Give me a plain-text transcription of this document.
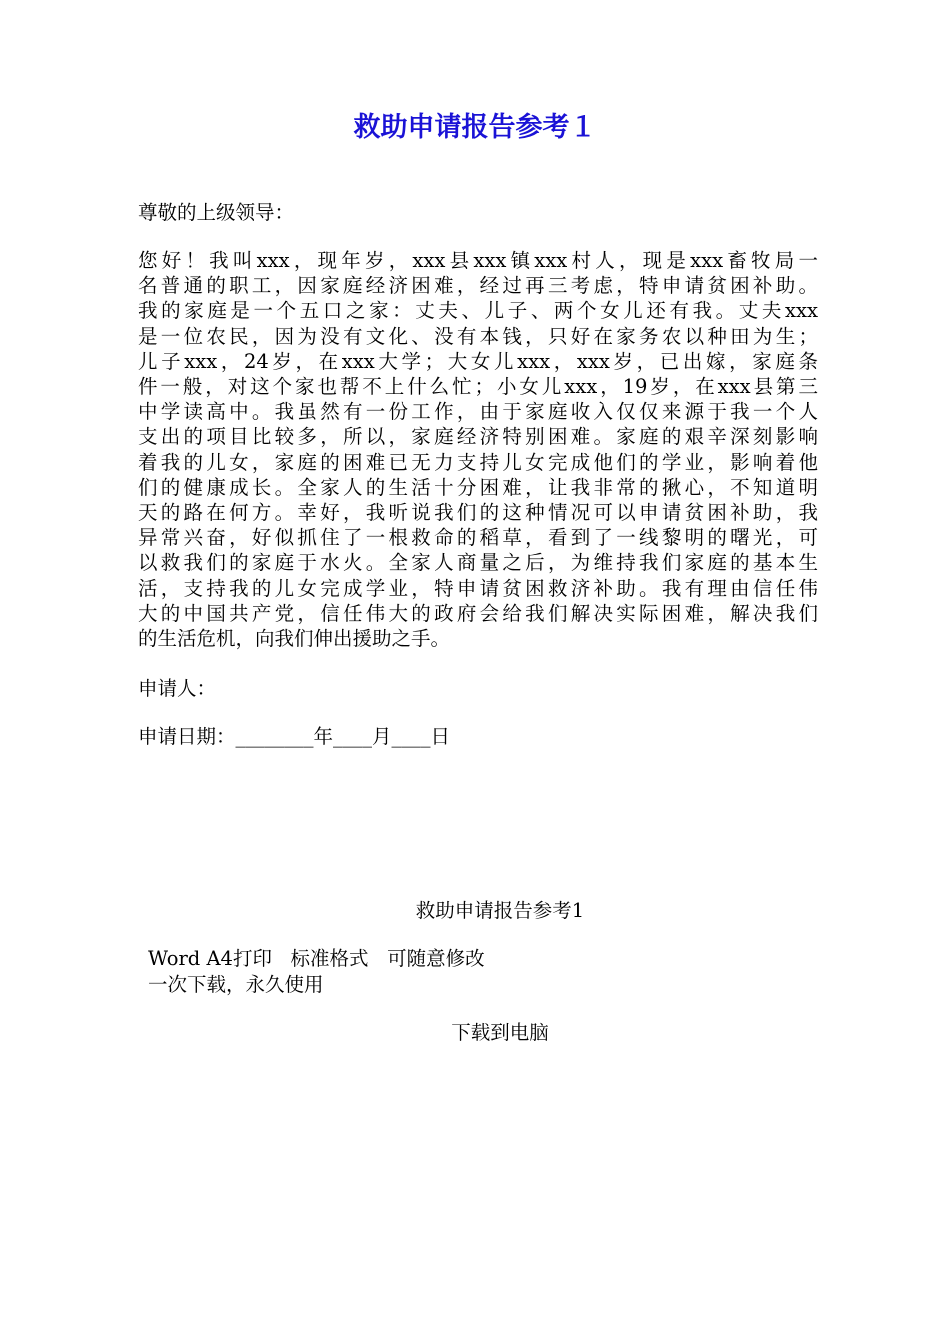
救助申请报告参考１

尊敬的上级领导：

您好！我叫xxx，现年岁，xxx县xxx镇xxx村人，现是xxx畜牧局一
名普通的职工，因家庭经济困难，经过再三考虑，特申请贫困补助。
我的家庭是一个五口之家：丈夫、儿子、两个女儿还有我。丈夫xxx
是一位农民，因为没有文化、没有本钱，只好在家务农以种田为生；
儿子xxx，24岁，在xxx大学；大女儿xxx，xxx岁，已出嫁，家庭条
件一般，对这个家也帮不上什么忙；小女儿xxx，19岁，在xxx县第三
中学读高中。我虽然有一份工作，由于家庭收入仅仅来源于我一个人
支出的项目比较多，所以，家庭经济特别困难。家庭的艰辛深刻影响
着我的儿女，家庭的困难已无力支持儿女完成他们的学业，影响着他
们的健康成长。全家人的生活十分困难，让我非常的揪心，不知道明
天的路在何方。幸好，我听说我们的这种情况可以申请贫困补助，我
异常兴奋，好似抓住了一根救命的稻草，看到了一线黎明的曙光，可
以救我们的家庭于水火。全家人商量之后，为维持我们家庭的基本生
活，支持我的儿女完成学业，特申请贫困救济补助。我有理由信任伟
大的中国共产党，信任伟大的政府会给我们解决实际困难，解决我们
的生活危机，向我们伸出援助之手。

申请人：

申请日期：________年____月____日

救助申请报告参考1
Word A4打印   标准格式   可随意修改
一次下载，永久使用
下载到电脑
